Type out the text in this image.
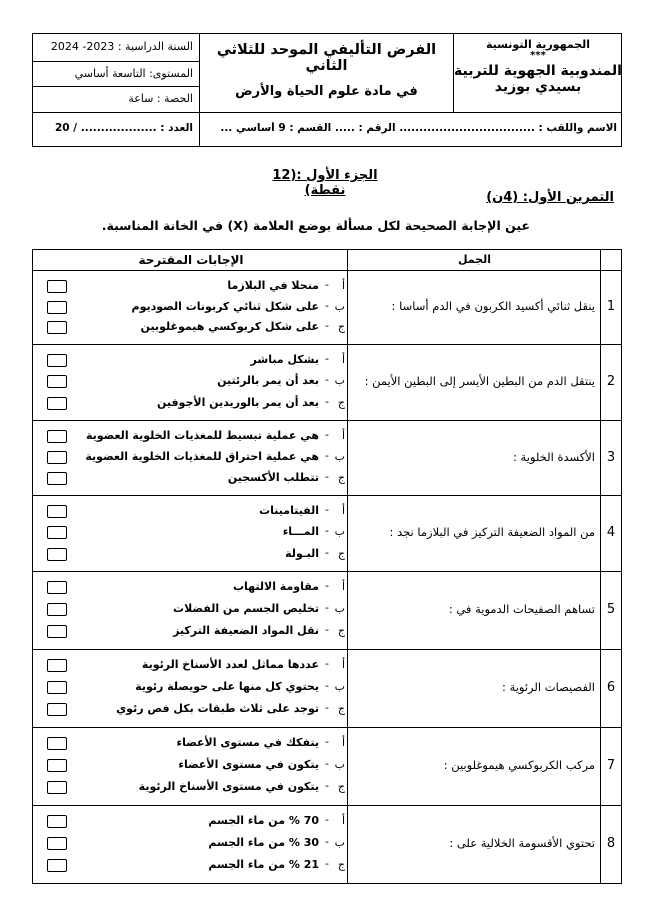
الجمهورية التونسية
***
المندوبية الجهوية للتربية
بسيدي بوزيد
الفرض التأليفي الموحد للثلاثي الثاني
في مادة علوم الحياة والأرض
السنة الدراسية : 2023- 2024
المستوى: التاسعة أساسي
الحصة : ساعة
الاسم واللقب : .................................. الرقم : ..... القسم : 9 أساسي ...
العدد : ................... / 20
الجزء الأول :(12 نقطة)	التمرين الأول: (4ن)
عين الإجابة الصحيحة لكل مسألة بوضع العلامة (X) في الخانة المناسبة.
الجمل
الإجابات المقترحة
1
ينقل ثنائي أكسيد الكربون في الدم أساسا :
أ
-
منحلا في البلازما
ب
-
على شكل ثنائي كربونات الصوديوم
ج
-
على شكل كربوكسي هيموغلوبين
2
ينتقل الدم من البطين الأيسر إلى البطين الأيمن :
أ
-
بشكل مباشر
ب
-
بعد أن يمر بالرئتين
ج
-
بعد أن يمر بالوريدين الأجوفين
3
الأكسدة الخلوية :
أ
-
هي عملية تبسيط للمغذيات الخلوية العضوية
ب
-
هي عملية احتراق للمغذيات الخلوية العضوية
ج
-
تتطلب الأكسجين
4
من المواد الضعيفة التركيز في البلازما نجد :
أ
-
الفيتامينات
ب
-
المـــاء
ج
-
البـولة
5
تساهم الصفيحات الدموية في :
أ
-
مقاومة الالتهاب
ب
-
تخليص الجسم من الفضلات
ج
-
نقل المواد الضعيفة التركيز
6
الفصيصات الرئوية :
أ
-
عددها مماثل لعدد الأسناخ الرئوية
ب
-
يحتوي كل منها على حويصلة رئوية
ج
-
توجد على ثلاث طبقات بكل فص رئوي
7
مركب الكربوكسي هيموغلوبين :
أ
-
يتفكك في مستوى الأعضاء
ب
-
يتكون في مستوى الأعضاء
ج
-
يتكون في مستوى الأسناخ الرئوية
8
تحتوي الأقسومة الخلالية على :
أ
-
70 % من ماء الجسم
ب
-
30 % من ماء الجسم
ج
-
21 % من ماء الجسم
